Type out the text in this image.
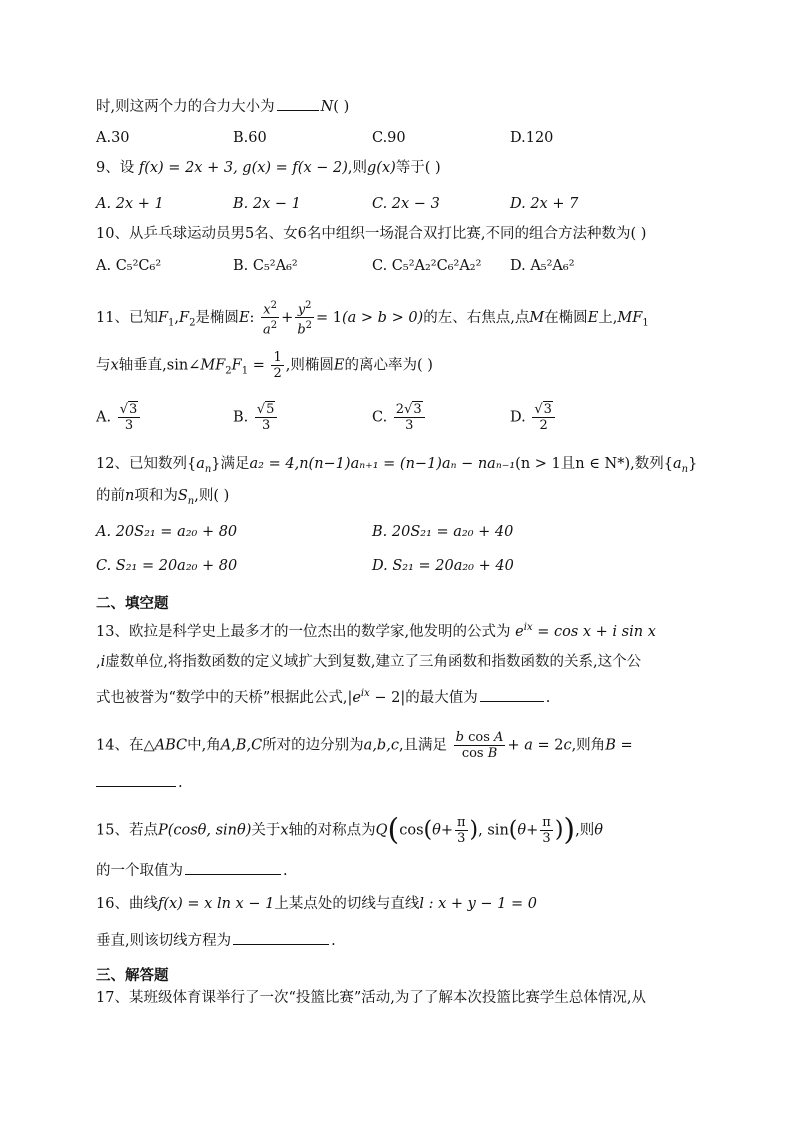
时,则这两个力的合力大小为	N( )
A.30	B.60	C.90	D.120
9、设 f(x) = 2x + 3, g(x) = f(x − 2),则g(x)等于( )
A. 2x + 1	B. 2x − 1	C. 2x − 3	D. 2x + 7
10、从乒乓球运动员男5名、女6名中组织一场混合双打比赛,不同的组合方法种数为( )
A. C₅²C₆²	B. C₅²A₆²	C. C₅²A₂²C₆²A₂² D. A₅²A₆²
11、已知$F_1,F_2$是椭圆E: $\frac{x^2}{a^2} + \frac{y^2}{b^2} = 1(a > b > 0)$的左、右焦点,点M在椭圆E上$,MF_1$
与x轴垂直$,\sin\angle MF_2F_1 = \frac{1}{2}$ ,则椭圆E的离心率为( )
A. $\frac{√3}{3}$	B. $\frac{√5}{3}$	C. $\frac{2√3}{3}$	D. $\frac{√3}{2}$
12、已知数列$\{a_n\}$满足a₂ = 4,n(n−1)aₙ₊₁ = (n−1)aₙ − naₙ₋₁(n > 1且n ∈ N*),数列$\{a_n\}$
的前n项和为$S_n$,则( )
A. 20S₂₁ = a₂₀ + 80	B. 20S₂₁ = a₂₀ + 40
C. S₂₁ = 20a₂₀ + 80	D. S₂₁ = 20a₂₀ + 40
二、填空题
13、欧拉是科学史上最多才的一位杰出的数学家,他发明的公式为 $e^{ix} = \cos x + i$ sin x
,i虚数单位,将指数函数的定义域扩大到复数,建立了三角函数和指数函数的关系,这个公
式也被誉为“数学中的天桥”根据此公式$,|e^{ix} - 2|$的最大值为	.
14、在△ABC中,角A,B,C所对的边分别为a,b,c,且满足 $\frac{\text{b cos A}}{\text{cos B}} + a = 2c$,则角B =
.
15、若点P(cosθ, sinθ)关于x轴的对称点为$Q(\cos(\theta+ \frac{\pi}{3}$ ), $\sin(\theta+ \frac{\pi}{3}$ )),则θ
的一个取值为	.
16、曲线f(x) = x ln x − 1上某点处的切线与直线l : x + y − 1 = 0
垂直,则该切线方程为	.
三、解答题
17、某班级体育课举行了一次“投篮比赛”活动,为了了解本次投篮比赛学生总体情况,从
